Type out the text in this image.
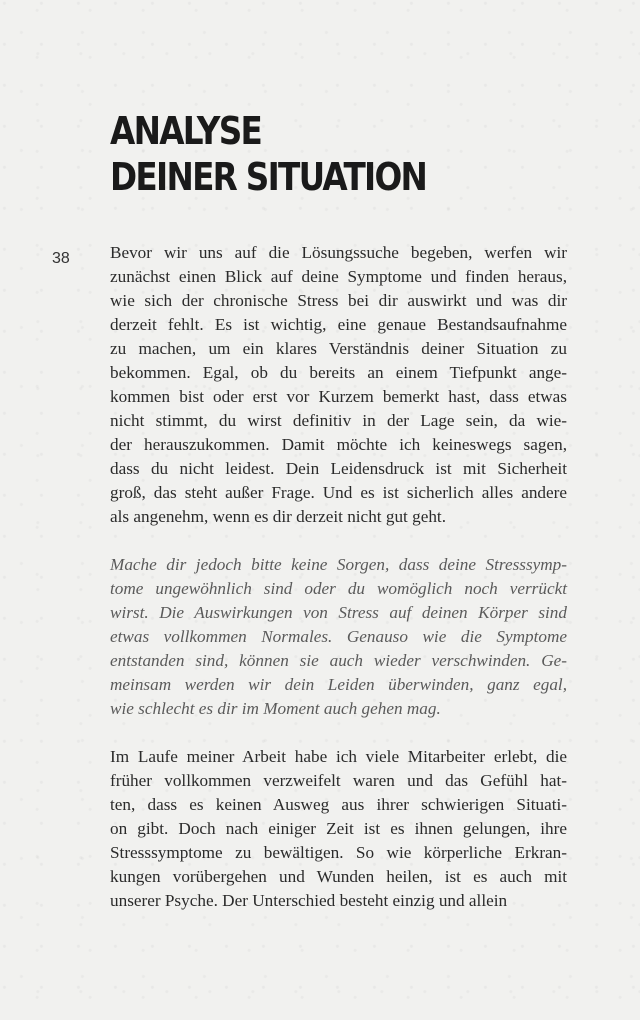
ANALYSE
DEINER SITUATION
38 Bevor wir uns auf die Lösungssuche begeben, werfen wir
zunächst einen Blick auf deine Symptome und finden heraus,
wie sich der chronische Stress bei dir auswirkt und was dir
derzeit fehlt. Es ist wichtig, eine genaue Bestandsaufnahme
zu machen, um ein klares Verständnis deiner Situation zu
bekommen. Egal, ob du bereits an einem Tiefpunkt ange-
kommen bist oder erst vor Kurzem bemerkt hast, dass etwas
nicht stimmt, du wirst definitiv in der Lage sein, da wie-
der herauszukommen. Damit möchte ich keineswegs sagen,
dass du nicht leidest. Dein Leidensdruck ist mit Sicherheit
groß, das steht außer Frage. Und es ist sicherlich alles andere
als angenehm, wenn es dir derzeit nicht gut geht.

Mache dir jedoch bitte keine Sorgen, dass deine Stresssymp-
tome ungewöhnlich sind oder du womöglich noch verrückt
wirst. Die Auswirkungen von Stress auf deinen Körper sind
etwas vollkommen Normales. Genauso wie die Symptome
entstanden sind, können sie auch wieder verschwinden. Ge-
meinsam werden wir dein Leiden überwinden, ganz egal,
wie schlecht es dir im Moment auch gehen mag.

Im Laufe meiner Arbeit habe ich viele Mitarbeiter erlebt, die
früher vollkommen verzweifelt waren und das Gefühl hat-
ten, dass es keinen Ausweg aus ihrer schwierigen Situati-
on gibt. Doch nach einiger Zeit ist es ihnen gelungen, ihre
Stresssymptome zu bewältigen. So wie körperliche Erkran-
kungen vorübergehen und Wunden heilen, ist es auch mit
unserer Psyche. Der Unterschied besteht einzig und allein
